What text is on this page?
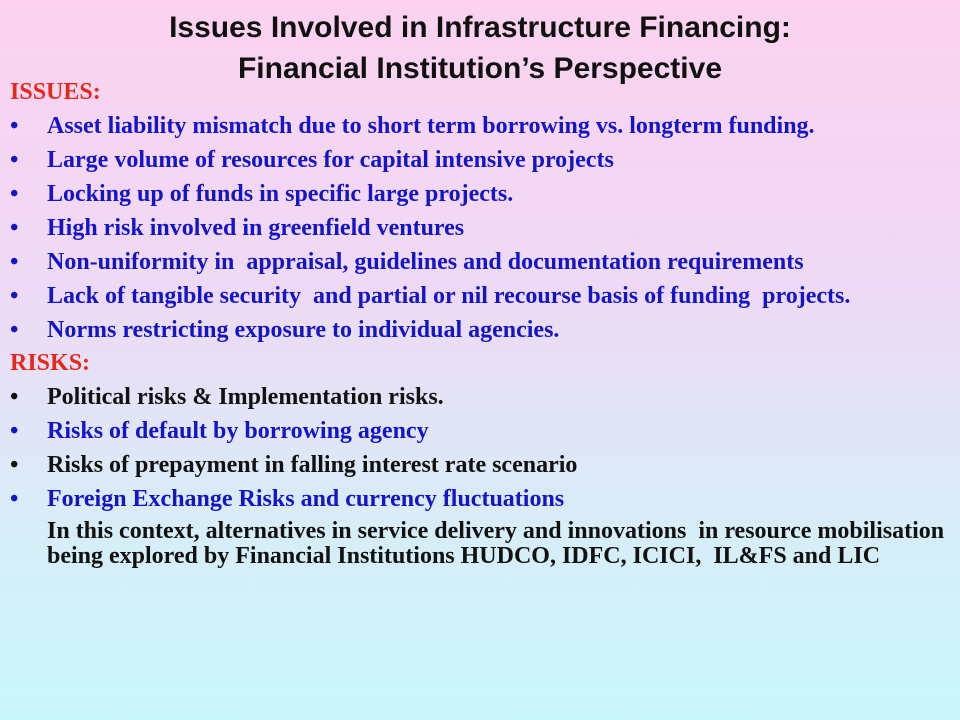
Issues Involved in Infrastructure Financing:
Financial Institution’s Perspective
ISSUES:
•	Asset liability mismatch due to short term borrowing vs. longterm funding.
•	Large volume of resources for capital intensive projects
•	Locking up of funds in specific large projects.
•	High risk involved in greenfield ventures
•	Non-uniformity in  appraisal, guidelines and documentation requirements
•	Lack of tangible security  and partial or nil recourse basis of funding  projects.
•	Norms restricting exposure to individual agencies.
RISKS:
•	Political risks & Implementation risks.
•	Risks of default by borrowing agency
•	Risks of prepayment in falling interest rate scenario
•	Foreign Exchange Risks and currency fluctuations
In this context, alternatives in service delivery and innovations  in resource mobilisation being explored by Financial Institutions HUDCO, IDFC, ICICI,  IL&FS and LIC
